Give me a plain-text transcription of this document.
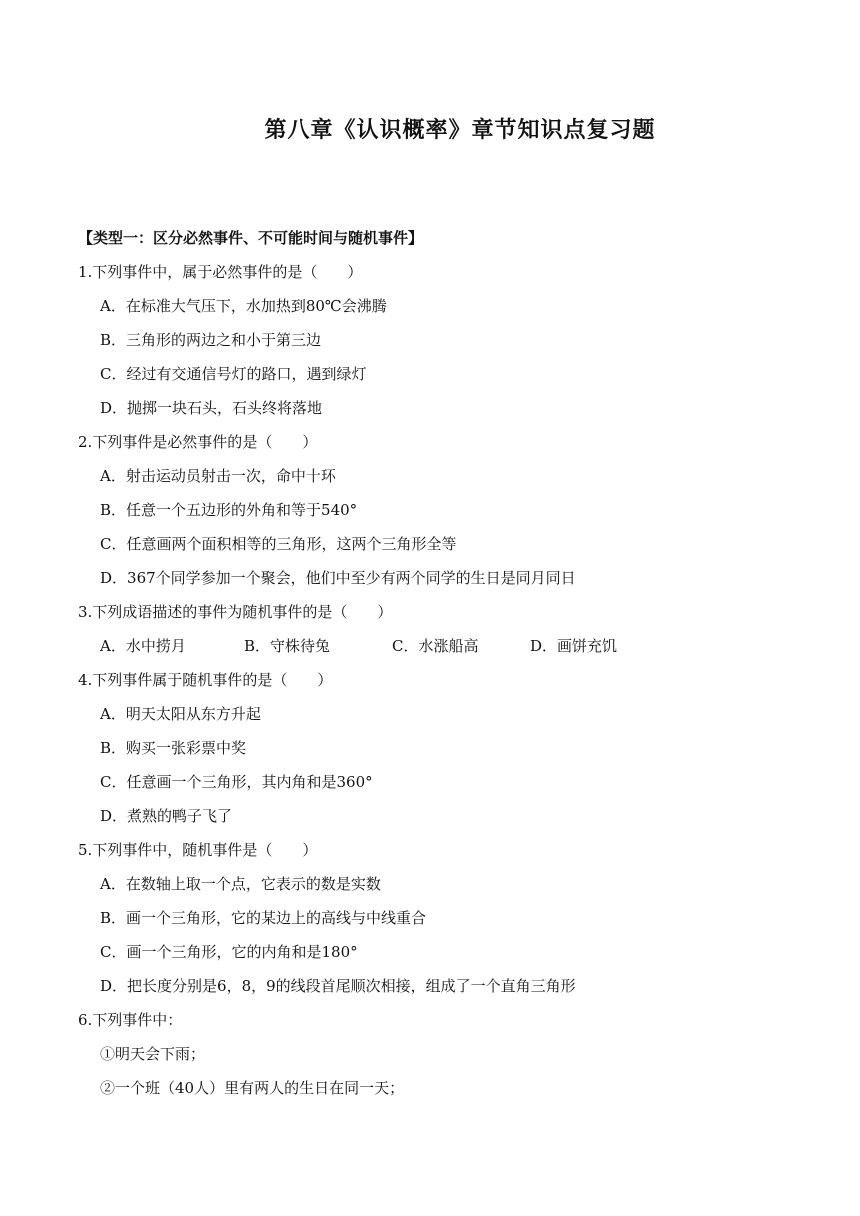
第八章《认识概率》章节知识点复习题
【类型一：区分必然事件、不可能时间与随机事件】
1.下列事件中，属于必然事件的是（　　）
A．在标准大气压下，水加热到80℃会沸腾
B．三角形的两边之和小于第三边
C．经过有交通信号灯的路口，遇到绿灯
D．抛掷一块石头，石头终将落地
2.下列事件是必然事件的是（　　）
A．射击运动员射击一次，命中十环
B．任意一个五边形的外角和等于540°
C．任意画两个面积相等的三角形，这两个三角形全等
D．367个同学参加一个聚会，他们中至少有两个同学的生日是同月同日
3.下列成语描述的事件为随机事件的是（　　）
A．水中捞月	B．守株待兔	C．水涨船高	D．画饼充饥
4.下列事件属于随机事件的是（　　）
A．明天太阳从东方升起
B．购买一张彩票中奖
C．任意画一个三角形，其内角和是360°
D．煮熟的鸭子飞了
5.下列事件中，随机事件是（　　）
A．在数轴上取一个点，它表示的数是实数
B．画一个三角形，它的某边上的高线与中线重合
C．画一个三角形，它的内角和是180°
D．把长度分别是6，8，9的线段首尾顺次相接，组成了一个直角三角形
6.下列事件中：
①明天会下雨；
②一个班（40人）里有两人的生日在同一天；
